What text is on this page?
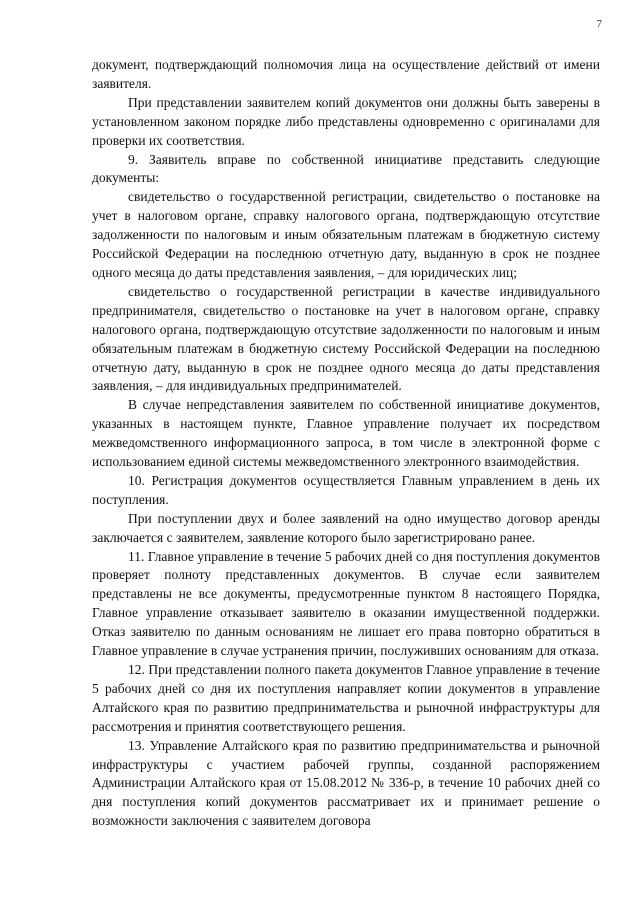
7

документ, подтверждающий полномочия лица на осуществление действий от имени заявителя.

При представлении заявителем копий документов они должны быть заверены в установленном законом порядке либо представлены одновременно с оригиналами для проверки их соответствия.

9. Заявитель вправе по собственной инициативе представить следующие документы:

свидетельство о государственной регистрации, свидетельство о постановке на учет в налоговом органе, справку налогового органа, подтверждающую отсутствие задолженности по налоговым и иным обязательным платежам в бюджетную систему Российской Федерации на последнюю отчетную дату, выданную в срок не позднее одного месяца до даты представления заявления, – для юридических лиц;

свидетельство о государственной регистрации в качестве индивидуального предпринимателя, свидетельство о постановке на учет в налоговом органе, справку налогового органа, подтверждающую отсутствие задолженности по налоговым и иным обязательным платежам в бюджетную систему Российской Федерации на последнюю отчетную дату, выданную в срок не позднее одного месяца до даты представления заявления, – для индивидуальных предпринимателей.

В случае непредставления заявителем по собственной инициативе документов, указанных в настоящем пункте, Главное управление получает их посредством межведомственного информационного запроса, в том числе в электронной форме с использованием единой системы межведомственного электронного взаимодействия.

10. Регистрация документов осуществляется Главным управлением в день их поступления.

При поступлении двух и более заявлений на одно имущество договор аренды заключается с заявителем, заявление которого было зарегистрировано ранее.

11. Главное управление в течение 5 рабочих дней со дня поступления документов проверяет полноту представленных документов. В случае если заявителем представлены не все документы, предусмотренные пунктом 8 настоящего Порядка, Главное управление отказывает заявителю в оказании имущественной поддержки. Отказ заявителю по данным основаниям не лишает его права повторно обратиться в Главное управление в случае устранения причин, послуживших основаниям для отказа.

12. При представлении полного пакета документов Главное управление в течение 5 рабочих дней со дня их поступления направляет копии документов в управление Алтайского края по развитию предпринимательства и рыночной инфраструктуры для рассмотрения и принятия соответствующего решения.

13. Управление Алтайского края по развитию предпринимательства и рыночной инфраструктуры с участием рабочей группы, созданной распоряжением Администрации Алтайского края от 15.08.2012 № 336-р, в течение 10 рабочих дней со дня поступления копий документов рассматривает их и принимает решение о возможности заключения с заявителем договора
